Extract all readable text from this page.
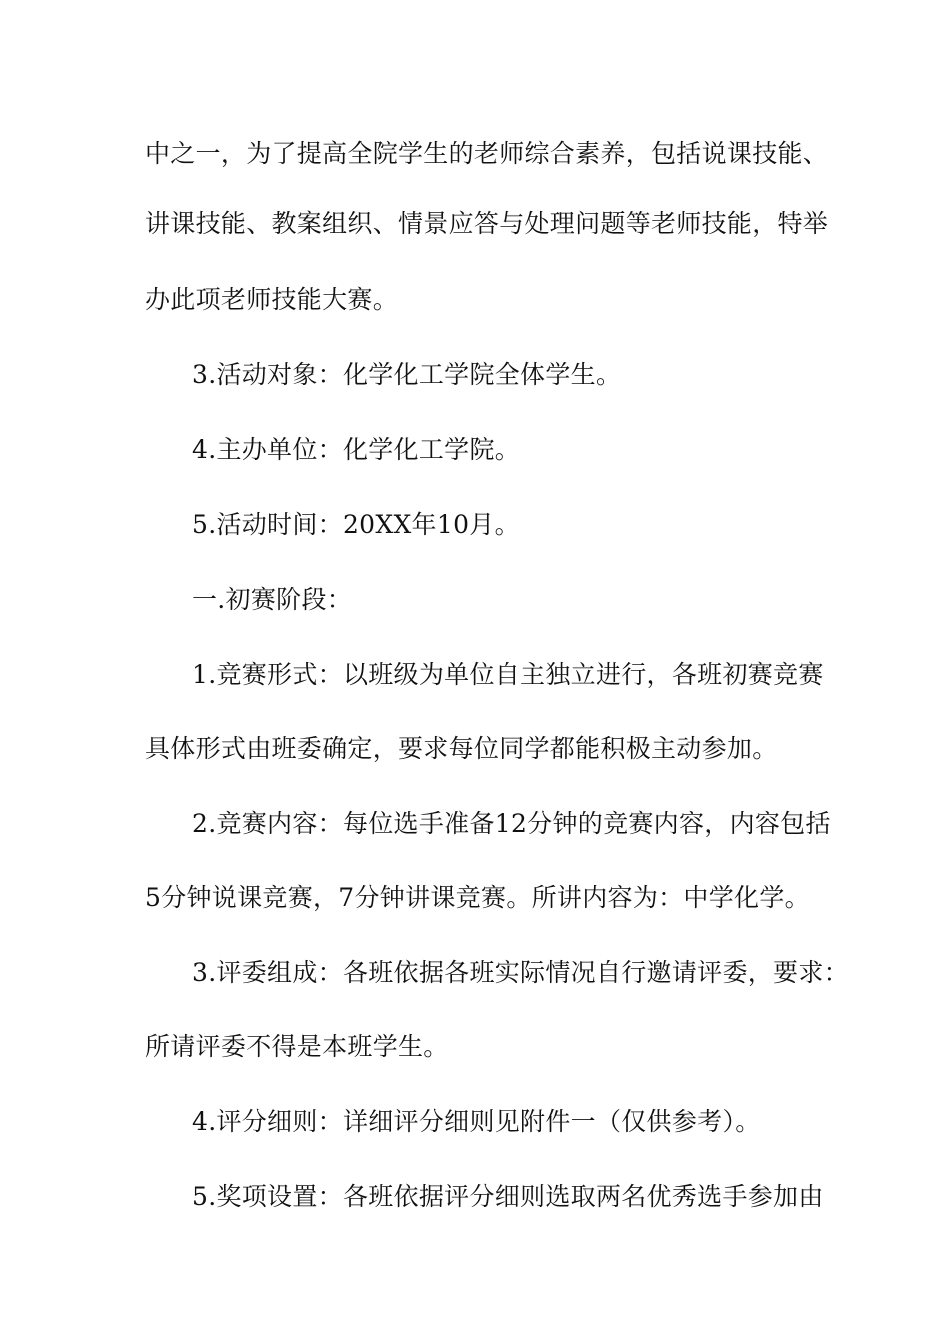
中之一，为了提高全院学生的老师综合素养，包括说课技能、
讲课技能、教案组织、情景应答与处理问题等老师技能，特举
办此项老师技能大赛。
3.活动对象：化学化工学院全体学生。
4.主办单位：化学化工学院。
5.活动时间：20XX年10月。
一.初赛阶段：
1.竞赛形式：以班级为单位自主独立进行，各班初赛竞赛
具体形式由班委确定，要求每位同学都能积极主动参加。
2.竞赛内容：每位选手准备12分钟的竞赛内容，内容包括
5分钟说课竞赛，7分钟讲课竞赛。所讲内容为：中学化学。
3.评委组成：各班依据各班实际情况自行邀请评委，要求：
所请评委不得是本班学生。
4.评分细则：详细评分细则见附件一（仅供参考）。
5.奖项设置：各班依据评分细则选取两名优秀选手参加由
